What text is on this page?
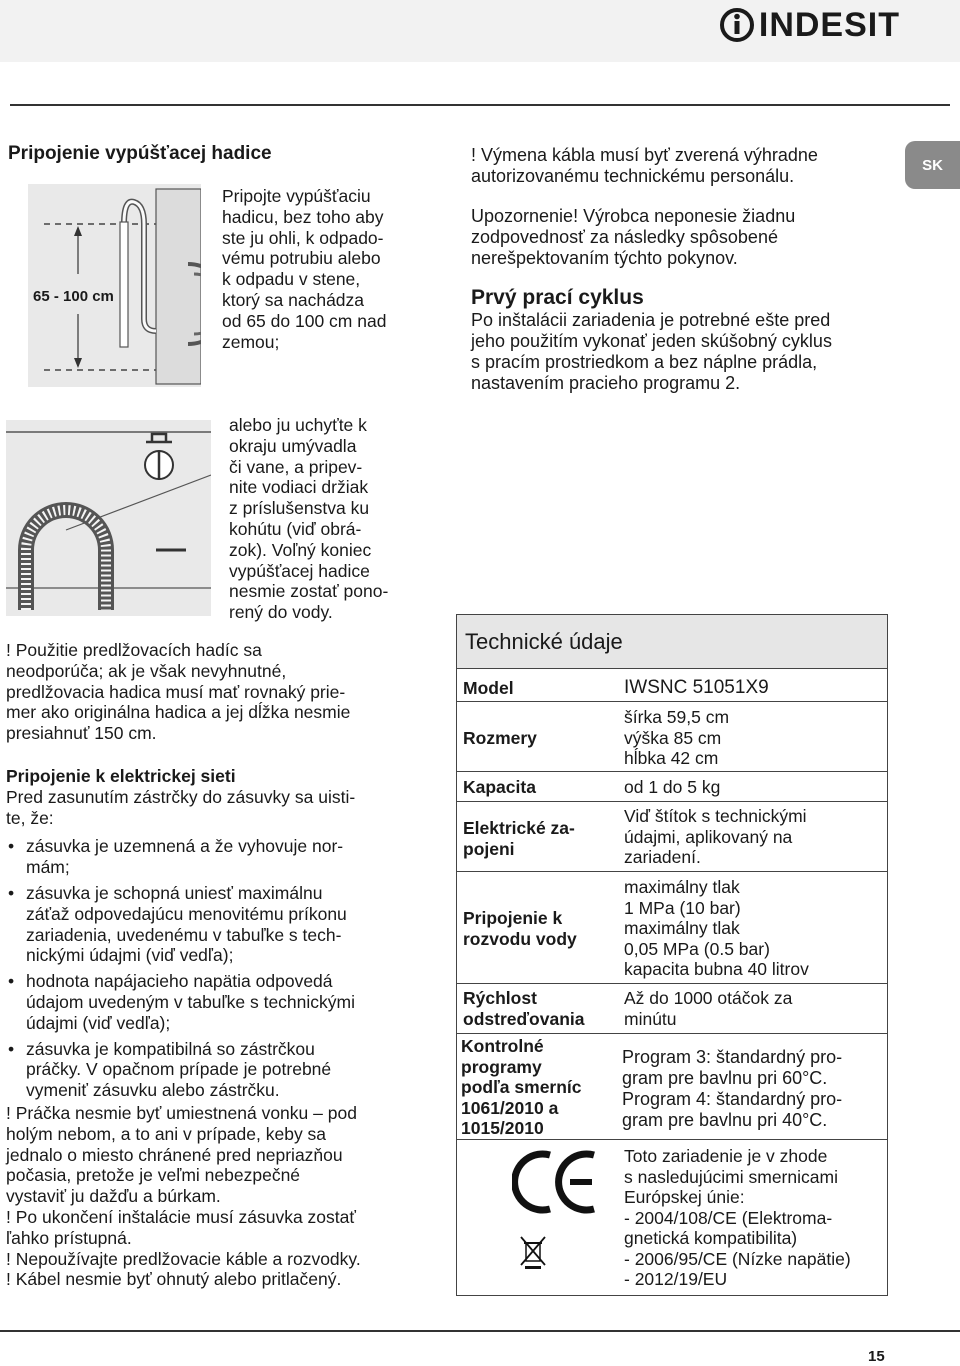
INDESIT
SK
Pripojenie vypúšťacej hadice
65 - 100 cm
Pripojte vypúšťaciu
hadicu, bez toho aby
ste ju ohli, k odpado-
vému potrubiu alebo
k odpadu v stene,
ktorý sa nachádza
od 65 do 100 cm nad
zemou;
alebo ju uchyťte k
okraju umývadla
či vane, a pripev-
nite vodiaci držiak
z príslušenstva ku
kohútu (viď obrá-
zok). Voľný koniec
vypúšťacej hadice
nesmie zostať pono-
rený do vody.
! Použitie predlžovacích hadíc sa
neodporúča; ak je však nevyhnutné,
predlžovacia hadica musí mať rovnaký prie-
mer ako originálna hadica a jej dĺžka nesmie
presiahnuť 150 cm.
Pripojenie k elektrickej sieti
Pred zasunutím zástrčky do zásuvky sa uisti-
te, že:
• zásuvka je uzemnená a že vyhovuje nor-
mám;
• zásuvka je schopná uniesť maximálnu
záťaž odpovedajúcu menovitému príkonu
zariadenia, uvedenému v tabuľke s tech-
nickými údajmi (viď vedľa);
• hodnota napájacieho napätia odpovedá
údajom uvedeným v tabuľke s technickými
údajmi (viď vedľa);
• zásuvka je kompatibilná so zástrčkou
práčky. V opačnom prípade je potrebné
vymeniť zásuvku alebo zástrčku.
! Práčka nesmie byť umiestnená vonku – pod
holým nebom, a to ani v prípade, keby sa
jednalo o miesto chránené pred nepriazňou
počasia, pretože je veľmi nebezpečné
vystaviť ju dažďu a búrkam.
! Po ukončení inštalácie musí zásuvka zostať
ľahko prístupná.
! Nepoužívajte predlžovacie káble a rozvodky.
! Kábel nesmie byť ohnutý alebo pritlačený.
! Výmena kábla musí byť zverená výhradne
autorizovanému technickému personálu.
Upozornenie! Výrobca neponesie žiadnu
zodpovednosť za následky spôsobené
nerešpektovaním týchto pokynov.
Prvý prací cyklus
Po inštalácii zariadenia je potrebné ešte pred
jeho použitím vykonať jeden skúšobný cyklus
s pracím prostriedkom a bez náplne prádla,
nastavením pracieho programu 2.
Technické údaje
Model	IWSNC 51051X9
Rozmery
šírka 59,5 cm
výška 85 cm
hĺbka 42 cm
Kapacita	od 1 do 5 kg
Elektrické za-
pojeni
Viď štítok s technickými
údajmi, aplikovaný na
zariadení.
Pripojenie k
rozvodu vody
maximálny tlak
1 MPa (10 bar)
maximálny tlak
0,05 MPa (0.5 bar)
kapacita bubna 40 litrov
Rýchlost
odstreďovania
Až do 1000 otáčok za
minútu
Kontrolné
programy
podľa smerníc
1061/2010 a
1015/2010
Program 3: štandardný pro-
gram pre bavlnu pri 60°C.
Program 4: štandardný pro-
gram pre bavlnu pri 40°C.
Toto zariadenie je v zhode
s nasledujúcimi smernicami
Európskej únie:
- 2004/108/CE (Elektroma-
gnetická kompatibilita)
- 2006/95/CE (Nízke napätie)
- 2012/19/EU
15
